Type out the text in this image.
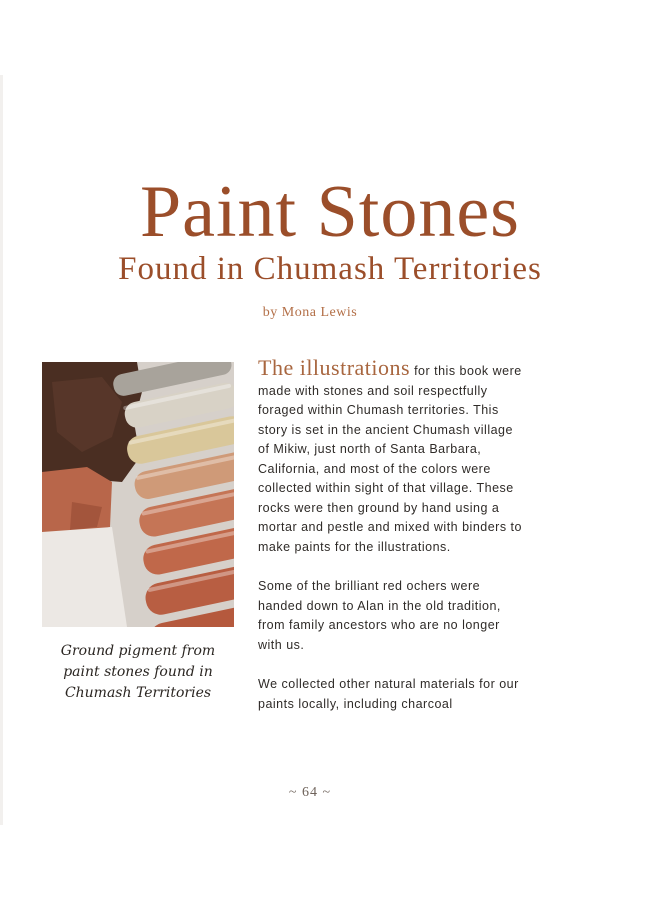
Paint Stones
Found in Chumash Territories
by Mona Lewis
Ground pigment from
paint stones found in
Chumash Territories

The illustrations for this book were made with stones and soil respectfully foraged within Chumash territories. This story is set in the ancient Chumash village of Mikiw, just north of Santa Barbara, California, and most of the colors were collected within sight of that village. These rocks were then ground by hand using a mortar and pestle and mixed with binders to make paints for the illustrations.

Some of the brilliant red ochers were handed down to Alan in the old tradition, from family ancestors who are no longer with us.

We collected other natural materials for our paints locally, including charcoal

~ 64 ~
